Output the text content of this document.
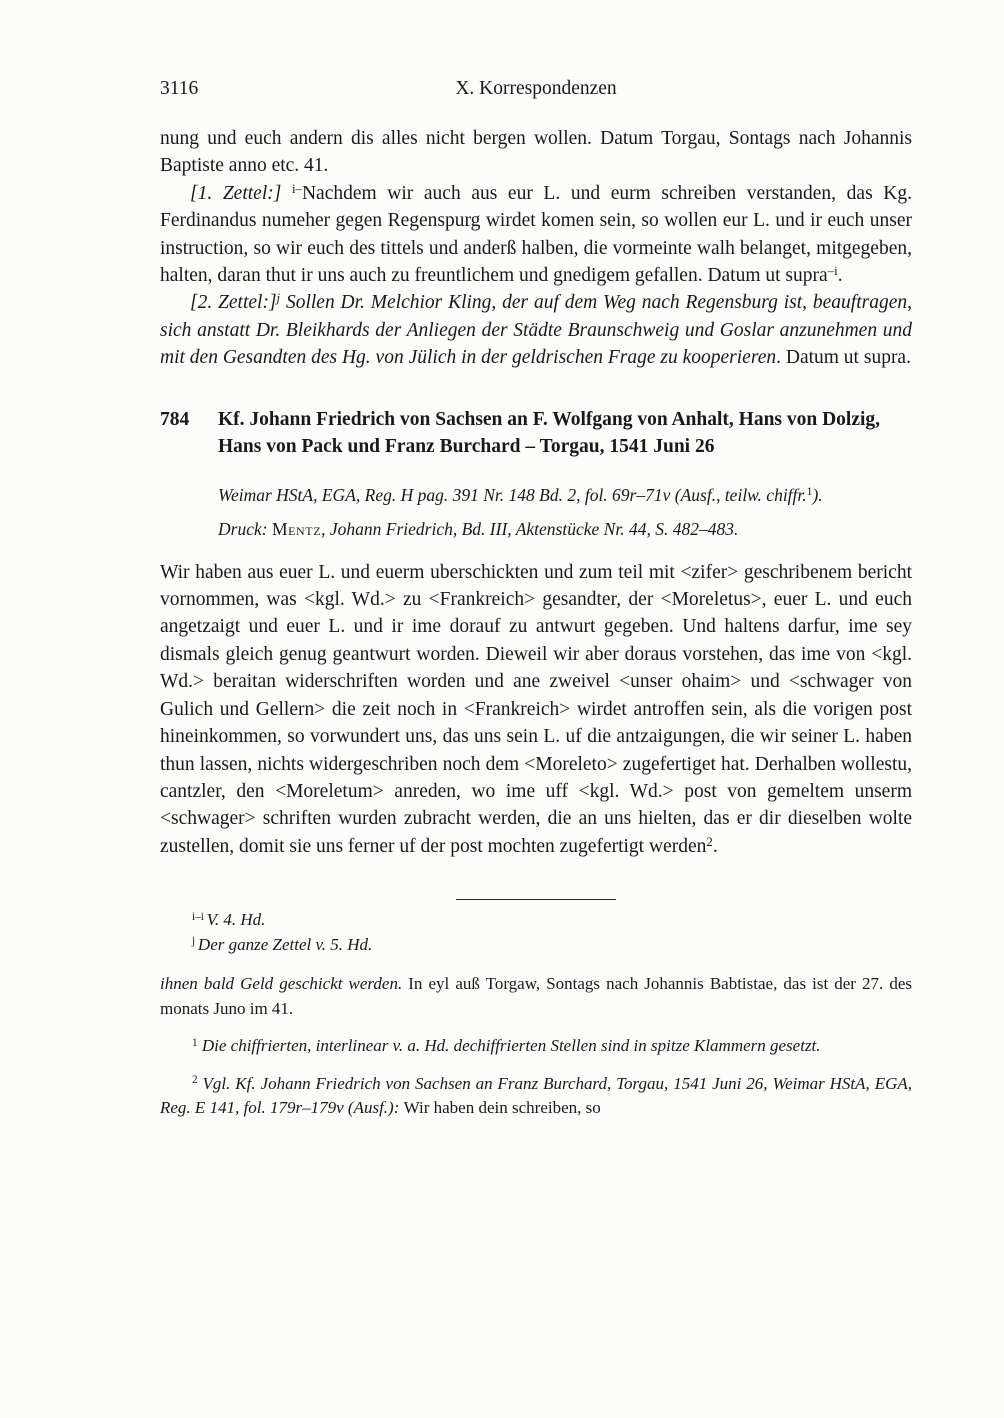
3116	X. Korrespondenzen

nung und euch andern dis alles nicht bergen wollen. Datum Torgau, Sontags nach Johannis Baptiste anno etc. 41.

[1. Zettel:] $^{i-}$Nachdem wir auch aus eur L. und eurm schreiben verstanden, das Kg. Ferdinandus numeher gegen Regenspurg wirdet komen sein, so wollen eur L. und ir euch unser instruction, so wir euch des tittels und anderß halben, die vormeinte walh belanget, mitgegeben, halten, daran thut ir uns auch zu freuntlichem und gnedigem gefallen. Datum ut supra$^{-i}$.

[2. Zettel:]$^j$ Sollen Dr. Melchior Kling, der auf dem Weg nach Regensburg ist, beauftragen, sich anstatt Dr. Bleikhards der Anliegen der Städte Braunschweig und Goslar anzunehmen und mit den Gesandten des Hg. von Jülich in der geldrischen Frage zu kooperieren. Datum ut supra.

784	Kf. Johann Friedrich von Sachsen an F. Wolfgang von Anhalt, Hans von Dolzig, Hans von Pack und Franz Burchard – Torgau, 1541 Juni 26

Weimar HStA, EGA, Reg. H pag. 391 Nr. 148 Bd. 2, fol. 69r–71v (Ausf., teilw. chiffr.$^1$).

Druck: Mentz, Johann Friedrich, Bd. III, Aktenstücke Nr. 44, S. 482–483.

Wir haben aus euer L. und euerm uberschickten und zum teil mit <zifer> geschribenem bericht vornommen, was <kgl. Wd.> zu <Frankreich> gesandter, der <Moreletus>, euer L. und euch angetzaigt und euer L. und ir ime dorauf zu antwurt gegeben. Und haltens darfur, ime sey dismals gleich genug geantwurt worden. Dieweil wir aber doraus vorstehen, das ime von <kgl. Wd.> beraitan widerschriften worden und ane zweivel <unser ohaim> und <schwager von Gulich und Gellern> die zeit noch in <Frankreich> wirdet antroffen sein, als die vorigen post hineinkommen, so vorwundert uns, das uns sein L. uf die antzaigungen, die wir seiner L. haben thun lassen, nichts widergeschriben noch dem <Moreleto> zugefertiget hat. Derhalben wollestu, cantzler, den <Moreletum> anreden, wo ime uff <kgl. Wd.> post von gemeltem unserm <schwager> schriften wurden zubracht werden, die an uns hielten, das er dir dieselben wolte zustellen, domit sie uns ferner uf der post mochten zugefertigt werden$^2$.

$^{i-i}$ V. 4. Hd.

$^j$ Der ganze Zettel v. 5. Hd.

ihnen bald Geld geschickt werden. In eyl auß Torgaw, Sontags nach Johannis Babtistae, das ist der 27. des monats Juno im 41.

$^1$ Die chiffrierten, interlinear v. a. Hd. dechiffrierten Stellen sind in spitze Klammern gesetzt.

$^2$ Vgl. Kf. Johann Friedrich von Sachsen an Franz Burchard, Torgau, 1541 Juni 26, Weimar HStA, EGA, Reg. E 141, fol. 179r–179v (Ausf.): Wir haben dein schreiben, so
